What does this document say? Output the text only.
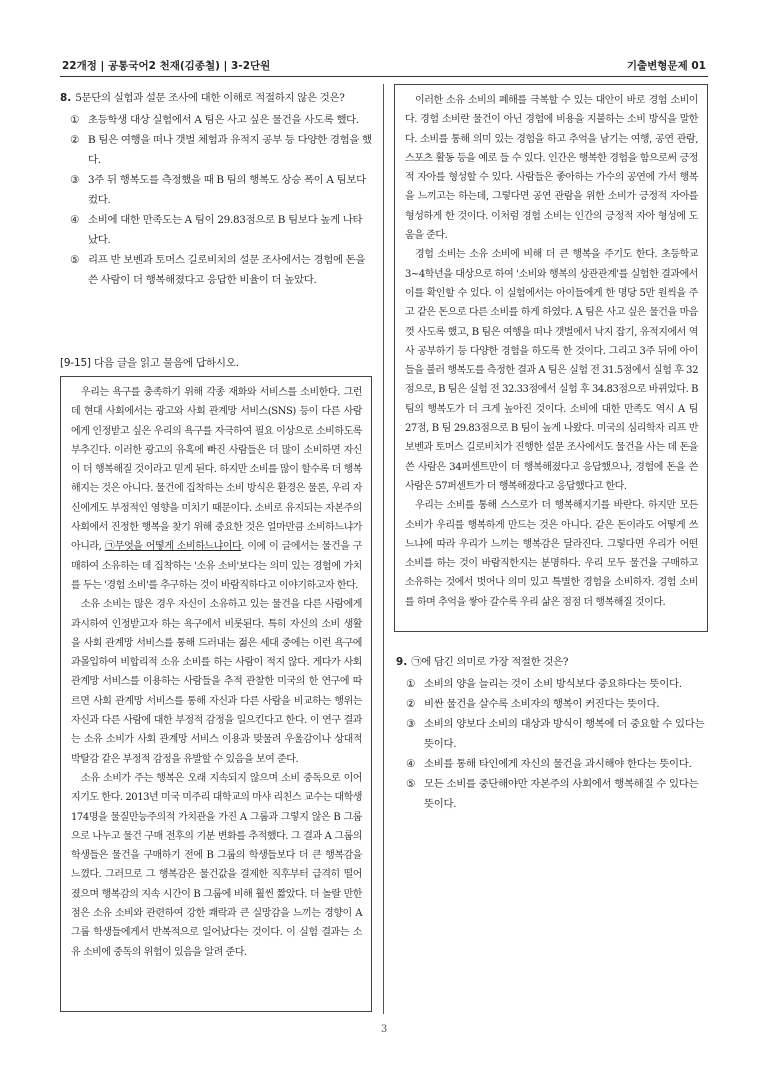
22개정 | 공통국어2 천재(김종철) | 3-2단원	기출변형문제 01
8. 5문단의 실험과 설문 조사에 대한 이해로 적절하지 않은 것은?
① 초등학생 대상 실험에서 A 팀은 사고 싶은 물건을 사도록 했다.
② B 팀은 여행을 떠나 갯벌 체험과 유적지 공부 등 다양한 경험을 했다.
③ 3주 뒤 행복도를 측정했을 때 B 팀의 행복도 상승 폭이 A 팀보다 컸다.
④ 소비에 대한 만족도는 A 팀이 29.83점으로 B 팀보다 높게 나타났다.
⑤ 리프 반 보벤과 토머스 길로비치의 설문 조사에서는 경험에 돈을 쓴 사람이 더 행복해졌다고 응답한 비율이 더 높았다.
[9-15] 다음 글을 읽고 물음에 답하시오.

우리는 욕구를 충족하기 위해 각종 재화와 서비스를 소비한다. 그런데 현대 사회에서는 광고와 사회 관계망 서비스(SNS) 등이 다른 사람에게 인정받고 싶은 우리의 욕구를 자극하여 필요 이상으로 소비하도록 부추긴다. 이러한 광고의 유혹에 빠진 사람들은 더 많이 소비하면 자신이 더 행복해질 것이라고 믿게 된다. 하지만 소비를 많이 할수록 더 행복해지는 것은 아니다. 물건에 집착하는 소비 방식은 환경은 물론, 우리 자신에게도 부정적인 영향을 미치기 때문이다. 소비로 유지되는 자본주의 사회에서 진정한 행복을 찾기 위해 중요한 것은 얼마만큼 소비하느냐가 아니라, ㉠무엇을 어떻게 소비하느냐이다. 이에 이 글에서는 물건을 구매하여 소유하는 데 집착하는 '소유 소비'보다는 의미 있는 경험에 가치를 두는 '경험 소비'를 추구하는 것이 바람직하다고 이야기하고자 한다.

소유 소비는 많은 경우 자신이 소유하고 있는 물건을 다른 사람에게 과시하여 인정받고자 하는 욕구에서 비롯된다. 특히 자신의 소비 생활을 사회 관계망 서비스를 통해 드러내는 젊은 세대 중에는 이런 욕구에 과몰입하여 비합리적 소유 소비를 하는 사람이 적지 않다. 게다가 사회 관계망 서비스를 이용하는 사람들을 추적 관찰한 미국의 한 연구에 따르면 사회 관계망 서비스를 통해 자신과 다른 사람을 비교하는 행위는 자신과 다른 사람에 대한 부정적 감정을 일으킨다고 한다. 이 연구 결과는 소유 소비가 사회 관계망 서비스 이용과 맞물려 우울감이나 상대적 박탈감 같은 부정적 감정을 유발할 수 있음을 보여 준다.

소유 소비가 주는 행복은 오래 지속되지 않으며 소비 중독으로 이어지기도 한다. 2013년 미국 미주리 대학교의 마샤 리친스 교수는 대학생 174명을 물질만능주의적 가치관을 가진 A 그룹과 그렇지 않은 B 그룹으로 나누고 물건 구매 전후의 기분 변화를 추적했다. 그 결과 A 그룹의 학생들은 물건을 구매하기 전에 B 그룹의 학생들보다 더 큰 행복감을 느꼈다. 그러므로 그 행복감은 물건값을 결제한 직후부터 급격히 떨어졌으며 행복감의 지속 시간이 B 그룹에 비해 훨씬 짧았다. 더 놀랄 만한 점은 소유 소비와 관련하여 강한 쾌락과 큰 실망감을 느끼는 경향이 A 그룹 학생들에게서 반복적으로 일어났다는 것이다. 이 실험 결과는 소유 소비에 중독의 위험이 있음을 알려 준다.

이러한 소유 소비의 폐해를 극복할 수 있는 대안이 바로 경험 소비이다. 경험 소비란 물건이 아닌 경험에 비용을 지불하는 소비 방식을 말한다. 소비를 통해 의미 있는 경험을 하고 추억을 남기는 여행, 공연 관람, 스포츠 활동 등을 예로 들 수 있다. 인간은 행복한 경험을 함으로써 긍정적 자아를 형성할 수 있다. 사람들은 좋아하는 가수의 공연에 가서 행복을 느끼고는 하는데, 그렇다면 공연 관람을 위한 소비가 긍정적 자아를 형성하게 한 것이다. 이처럼 경험 소비는 인간의 긍정적 자아 형성에 도움을 준다.

경험 소비는 소유 소비에 비해 더 큰 행복을 주기도 한다. 초등학교 3~4학년을 대상으로 하여 '소비와 행복의 상관관계'를 실험한 결과에서 이를 확인할 수 있다. 이 실험에서는 아이들에게 한 명당 5만 원씩을 주고 같은 돈으로 다른 소비를 하게 하였다. A 팀은 사고 싶은 물건을 마음껏 사도록 했고, B 팀은 여행을 떠나 갯벌에서 낙지 잡기, 유적지에서 역사 공부하기 등 다양한 경험을 하도록 한 것이다. 그리고 3주 뒤에 아이들을 불러 행복도를 측정한 결과 A 팀은 실험 전 31.5점에서 실험 후 32점으로, B 팀은 실험 전 32.33점에서 실험 후 34.83점으로 바뀌었다. B 팀의 행복도가 더 크게 높아진 것이다. 소비에 대한 만족도 역시 A 팀 27점, B 팀 29.83점으로 B 팀이 높게 나왔다. 미국의 심리학자 리프 반 보벤과 토머스 길로비치가 진행한 설문 조사에서도 물건을 사는 데 돈을 쓴 사람은 34퍼센트만이 더 행복해졌다고 응답했으나, 경험에 돈을 쓴 사람은 57퍼센트가 더 행복해졌다고 응답했다고 한다.

우리는 소비를 통해 스스로가 더 행복해지기를 바란다. 하지만 모든 소비가 우리를 행복하게 만드는 것은 아니다. 같은 돈이라도 어떻게 쓰느냐에 따라 우리가 느끼는 행복감은 달라진다. 그렇다면 우리가 어떤 소비를 하는 것이 바람직한지는 분명하다. 우리 모두 물건을 구매하고 소유하는 것에서 벗어나 의미 있고 특별한 경험을 소비하자. 경험 소비를 하며 추억을 쌓아 갈수록 우리 삶은 점점 더 행복해질 것이다.

9. ㉠에 담긴 의미로 가장 적절한 것은?
① 소비의 양을 늘리는 것이 소비 방식보다 중요하다는 뜻이다.
② 비싼 물건을 살수록 소비자의 행복이 커진다는 뜻이다.
③ 소비의 양보다 소비의 대상과 방식이 행복에 더 중요할 수 있다는 뜻이다.
④ 소비를 통해 타인에게 자신의 물건을 과시해야 한다는 뜻이다.
⑤ 모든 소비를 중단해야만 자본주의 사회에서 행복해질 수 있다는 뜻이다.
3
